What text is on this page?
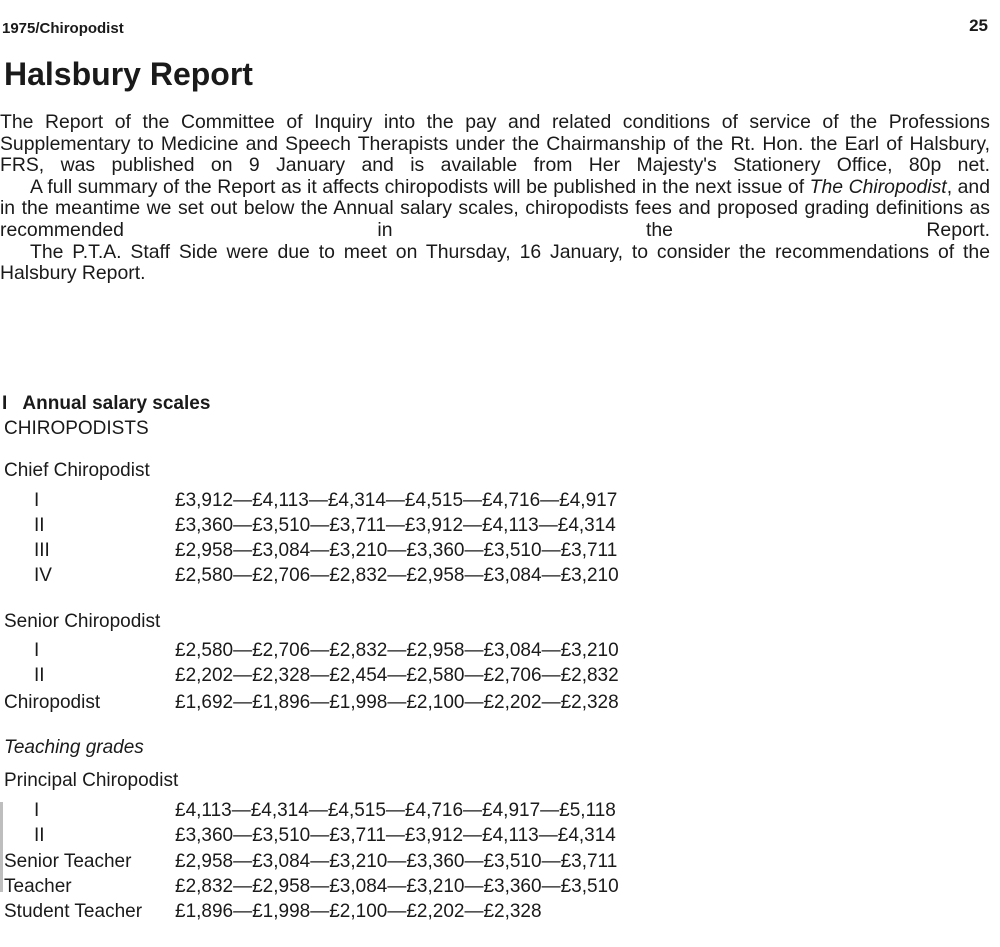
1975/Chiropodist	25
Halsbury Report

The Report of the Committee of Inquiry into the pay and related conditions of service of the Professions Supplementary to Medicine and Speech Therapists under the Chairmanship of the Rt. Hon. the Earl of Halsbury, FRS, was published on 9 January and is available from Her Majesty's Stationery Office, 80p net.

A full summary of the Report as it affects chiropodists will be published in the next issue of The Chiropodist, and in the meantime we set out below the Annual salary scales, chiropodists fees and proposed grading definitions as recommended in the Report.

The P.T.A. Staff Side were due to meet on Thursday, 16 January, to consider the recommendations of the Halsbury Report.

I   Annual salary scales
CHIROPODISTS
Chief Chiropodist
I	£3,912—£4,113—£4,314—£4,515—£4,716—£4,917
II	£3,360—£3,510—£3,711—£3,912—£4,113—£4,314
III	£2,958—£3,084—£3,210—£3,360—£3,510—£3,711
IV	£2,580—£2,706—£2,832—£2,958—£3,084—£3,210
Senior Chiropodist
I	£2,580—£2,706—£2,832—£2,958—£3,084—£3,210
II	£2,202—£2,328—£2,454—£2,580—£2,706—£2,832
Chiropodist	£1,692—£1,896—£1,998—£2,100—£2,202—£2,328
Teaching grades
Principal Chiropodist
I	£4,113—£4,314—£4,515—£4,716—£4,917—£5,118
II	£3,360—£3,510—£3,711—£3,912—£4,113—£4,314
Senior Teacher £2,958—£3,084—£3,210—£3,360—£3,510—£3,711
Teacher	£2,832—£2,958—£3,084—£3,210—£3,360—£3,510
Student Teacher £1,896—£1,998—£2,100—£2,202—£2,328
